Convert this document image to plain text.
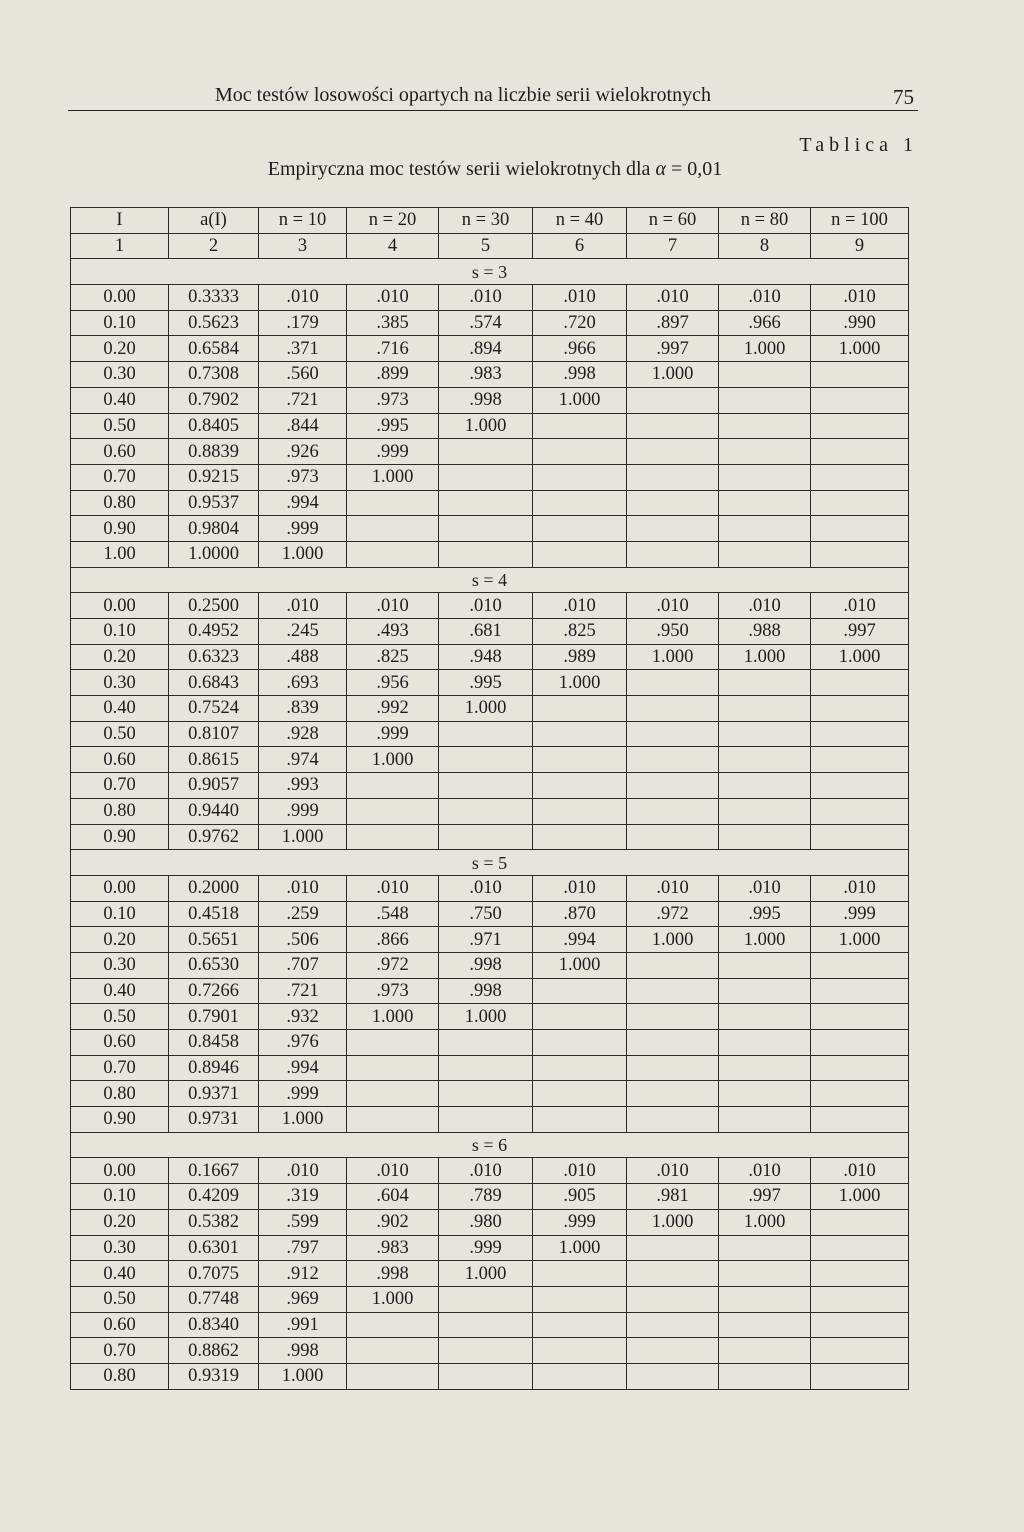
Moc testów losowości opartych na liczbie serii wielokrotnych	75
Tablica 1
Empiryczna moc testów serii wielokrotnych dla α = 0,01
I	a(I)	n = 10	n = 20	n = 30	n = 40	n = 60	n = 80	n = 100
1	2	3	4	5	6	7	8	9
s = 3								
0.00	0.3333	.010	.010	.010	.010	.010	.010	.010
0.10	0.5623	.179	.385	.574	.720	.897	.966	.990
0.20	0.6584	.371	.716	.894	.966	.997	1.000	1.000
0.30	0.7308	.560	.899	.983	.998	1.000		
0.40	0.7902	.721	.973	.998	1.000			
0.50	0.8405	.844	.995	1.000				
0.60	0.8839	.926	.999					
0.70	0.9215	.973	1.000					
0.80	0.9537	.994						
0.90	0.9804	.999						
1.00	1.0000	1.000						
s = 4								
0.00	0.2500	.010	.010	.010	.010	.010	.010	.010
0.10	0.4952	.245	.493	.681	.825	.950	.988	.997
0.20	0.6323	.488	.825	.948	.989	1.000	1.000	1.000
0.30	0.6843	.693	.956	.995	1.000			
0.40	0.7524	.839	.992	1.000				
0.50	0.8107	.928	.999					
0.60	0.8615	.974	1.000					
0.70	0.9057	.993						
0.80	0.9440	.999						
0.90	0.9762	1.000						
s = 5								
0.00	0.2000	.010	.010	.010	.010	.010	.010	.010
0.10	0.4518	.259	.548	.750	.870	.972	.995	.999
0.20	0.5651	.506	.866	.971	.994	1.000	1.000	1.000
0.30	0.6530	.707	.972	.998	1.000			
0.40	0.7266	.721	.973	.998				
0.50	0.7901	.932	1.000	1.000				
0.60	0.8458	.976						
0.70	0.8946	.994						
0.80	0.9371	.999						
0.90	0.9731	1.000						
s = 6								
0.00	0.1667	.010	.010	.010	.010	.010	.010	.010
0.10	0.4209	.319	.604	.789	.905	.981	.997	1.000
0.20	0.5382	.599	.902	.980	.999	1.000	1.000	
0.30	0.6301	.797	.983	.999	1.000			
0.40	0.7075	.912	.998	1.000				
0.50	0.7748	.969	1.000					
0.60	0.8340	.991						
0.70	0.8862	.998						
0.80	0.9319	1.000						
